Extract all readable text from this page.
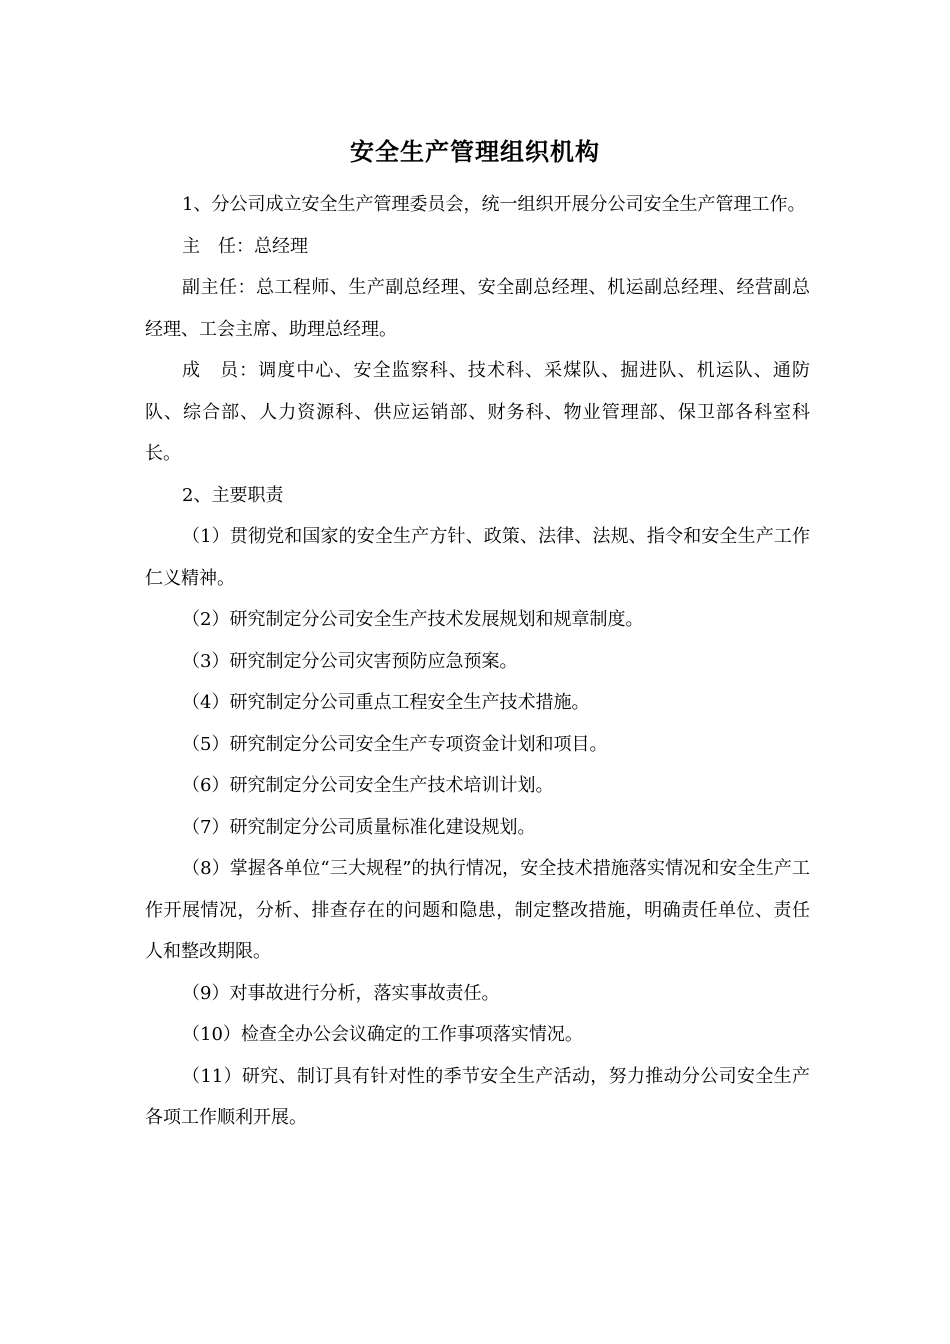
安全生产管理组织机构

1、分公司成立安全生产管理委员会，统一组织开展分公司安全生产管理工作。

主　任：总经理

副主任：总工程师、生产副总经理、安全副总经理、机运副总经理、经营副总经理、工会主席、助理总经理。

成　员：调度中心、安全监察科、技术科、采煤队、掘进队、机运队、通防队、综合部、人力资源科、供应运销部、财务科、物业管理部、保卫部各科室科长。

2、主要职责

（1）贯彻党和国家的安全生产方针、政策、法律、法规、指令和安全生产工作仁义精神。

（2）研究制定分公司安全生产技术发展规划和规章制度。

（3）研究制定分公司灾害预防应急预案。

（4）研究制定分公司重点工程安全生产技术措施。

（5）研究制定分公司安全生产专项资金计划和项目。

（6）研究制定分公司安全生产技术培训计划。

（7）研究制定分公司质量标准化建设规划。

（8）掌握各单位“三大规程”的执行情况，安全技术措施落实情况和安全生产工作开展情况，分析、排查存在的问题和隐患，制定整改措施，明确责任单位、责任人和整改期限。

（9）对事故进行分析，落实事故责任。

（10）检查全办公会议确定的工作事项落实情况。

（11）研究、制订具有针对性的季节安全生产活动，努力推动分公司安全生产各项工作顺利开展。
